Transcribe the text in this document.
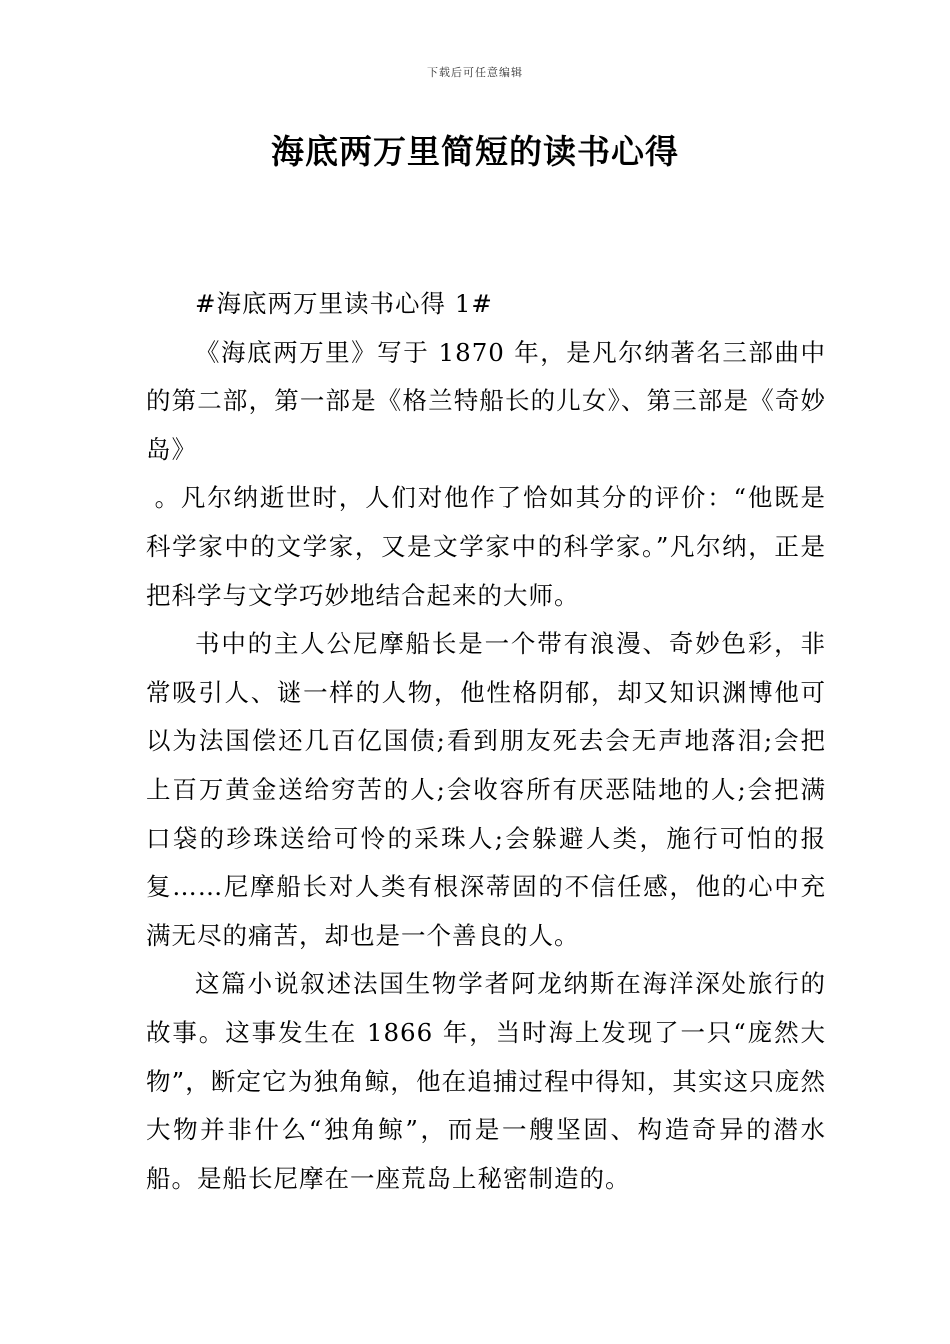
下载后可任意编辑
海底两万里简短的读书心得

#海底两万里读书心得 1#

《海底两万里》写于 1870 年，是凡尔纳著名三部曲中的第二部，第一部是《格兰特船长的儿女》、第三部是《奇妙岛》

。凡尔纳逝世时，人们对他作了恰如其分的评价：“他既是科学家中的文学家，又是文学家中的科学家。”凡尔纳，正是把科学与文学巧妙地结合起来的大师。

书中的主人公尼摩船长是一个带有浪漫、奇妙色彩，非常吸引人、谜一样的人物，他性格阴郁，却又知识渊博他可以为法国偿还几百亿国债;看到朋友死去会无声地落泪;会把上百万黄金送给穷苦的人;会收容所有厌恶陆地的人;会把满口袋的珍珠送给可怜的采珠人;会躲避人类，施行可怕的报复……尼摩船长对人类有根深蒂固的不信任感，他的心中充满无尽的痛苦，却也是一个善良的人。

这篇小说叙述法国生物学者阿龙纳斯在海洋深处旅行的故事。这事发生在 1866 年，当时海上发现了一只“庞然大物”，断定它为独角鲸，他在追捕过程中得知，其实这只庞然大物并非什么“独角鲸”，而是一艘坚固、构造奇异的潜水船。是船长尼摩在一座荒岛上秘密制造的。
